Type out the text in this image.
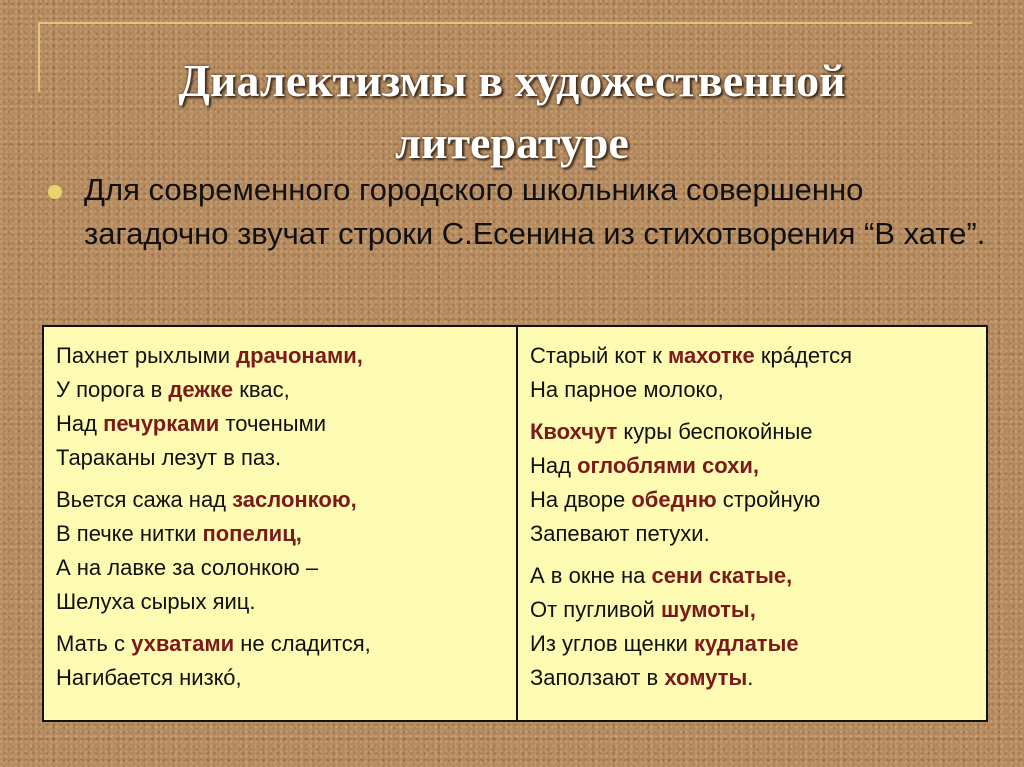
Диалектизмы в художественной
литературе
Для современного городского школьника совершенно загадочно звучат строки С.Есенина из стихотворения “В хате”.
Пахнет рыхлыми драчонами,
У порога в дежке квас,
Над печурками точеными
Тараканы лезут в паз.
Вьется сажа над заслонкою,
В печке нитки попелиц,
А на лавке за солонкою –
Шелуха сырых яиц.
Мать с ухватами не сладится,
Нагибается низкó,
Старый кот к махотке крáдется
На парное молоко,
Квохчут куры беспокойные
Над оглоблями сохи,
На дворе обедню стройную
Запевают петухи.
А в окне на сени скатые,
От пугливой шумоты,
Из углов щенки кудлатые
Заползают в хомуты.
